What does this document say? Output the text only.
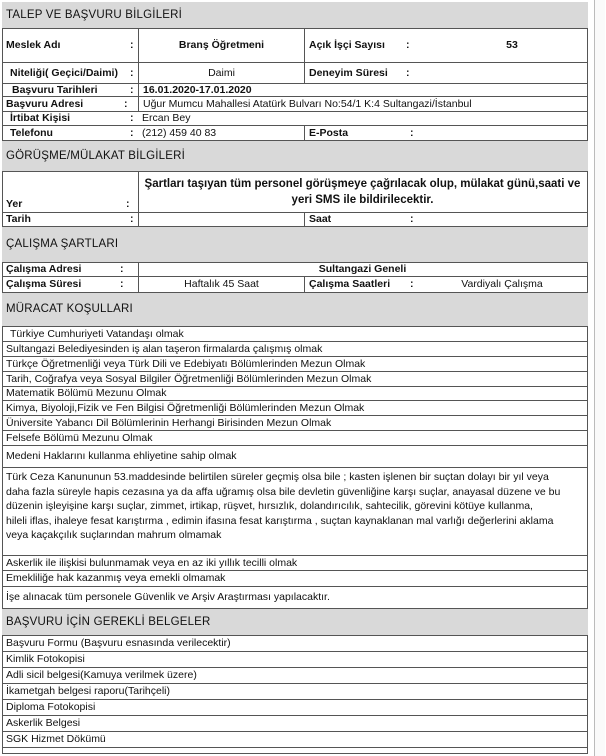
TALEP VE BAŞVURU BİLGİLERİ
Meslek Adı	:	Branş Öğretmeni	Açık İşçi Sayısı	:	53
Niteliği( Geçici/Daimi)	:	Daimi	Deneyim Süresi	:
Başvuru Tarihleri	: 16.01.2020-17.01.2020
Başvuru Adresi	:	Uğur Mumcu Mahallesi Atatürk Bulvarı No:54/1 K:4 Sultangazi/İstanbul
İrtibat Kişisi	: Ercan Bey
Telefonu	: (212) 459 40 83	E-Posta	:
GÖRÜŞME/MÜLAKAT BİLGİLERİ
Yer	:
Şartları taşıyan tüm personel görüşmeye çağrılacak olup, mülakat günü,saati ve
yeri SMS ile bildirilecektir.
Tarih	:	Saat	:
ÇALIŞMA ŞARTLARI
Çalışma Adresi	:	Sultangazi Geneli
Çalışma Süresi	:	Haftalık 45 Saat	Çalışma Saatleri	:	Vardiyalı Çalışma
MÜRACAT KOŞULLARI
Türkiye Cumhuriyeti Vatandaşı olmak
Sultangazi Belediyesinden iş alan taşeron firmalarda çalışmış olmak
Türkçe Öğretmenliği veya Türk Dili ve Edebiyatı Bölümlerinden Mezun Olmak
Tarih, Coğrafya veya Sosyal Bilgiler Öğretmenliği Bölümlerinden Mezun Olmak
Matematik Bölümü Mezunu Olmak
Kimya, Biyoloji,Fizik ve Fen Bilgisi Öğretmenliği Bölümlerinden Mezun Olmak
Üniversite Yabancı Dil Bölümlerinin Herhangi Birisinden Mezun Olmak
Felsefe Bölümü Mezunu Olmak
Medeni Haklarını kullanma ehliyetine sahip olmak
Türk Ceza Kanununun 53.maddesinde belirtilen süreler geçmiş olsa bile ; kasten işlenen bir suçtan dolayı bir yıl veya
daha fazla süreyle hapis cezasına ya da affa uğramış olsa bile devletin güvenliğine karşı suçlar, anayasal düzene ve bu
düzenin işleyişine karşı suçlar, zimmet, irtikap, rüşvet, hırsızlık, dolandırıcılık, sahtecilik, görevini kötüye kullanma,
hileli iflas, ihaleye fesat karıştırma , edimin ifasına fesat karıştırma , suçtan kaynaklanan mal varlığı değerlerini aklama
veya kaçakçılık suçlarından mahrum olmamak
Askerlik ile ilişkisi bulunmamak veya en az iki yıllık tecilli olmak
Emekliliğe hak kazanmış veya emekli olmamak
İşe alınacak tüm personele Güvenlik ve Arşiv Araştırması yapılacaktır.
BAŞVURU İÇİN GEREKLİ BELGELER
Başvuru Formu (Başvuru esnasında verilecektir)
Kimlik Fotokopisi
Adli sicil belgesi(Kamuya verilmek üzere)
İkametgah belgesi raporu(Tarihçeli)
Diploma Fotokopisi
Askerlik Belgesi
SGK Hizmet Dökümü
